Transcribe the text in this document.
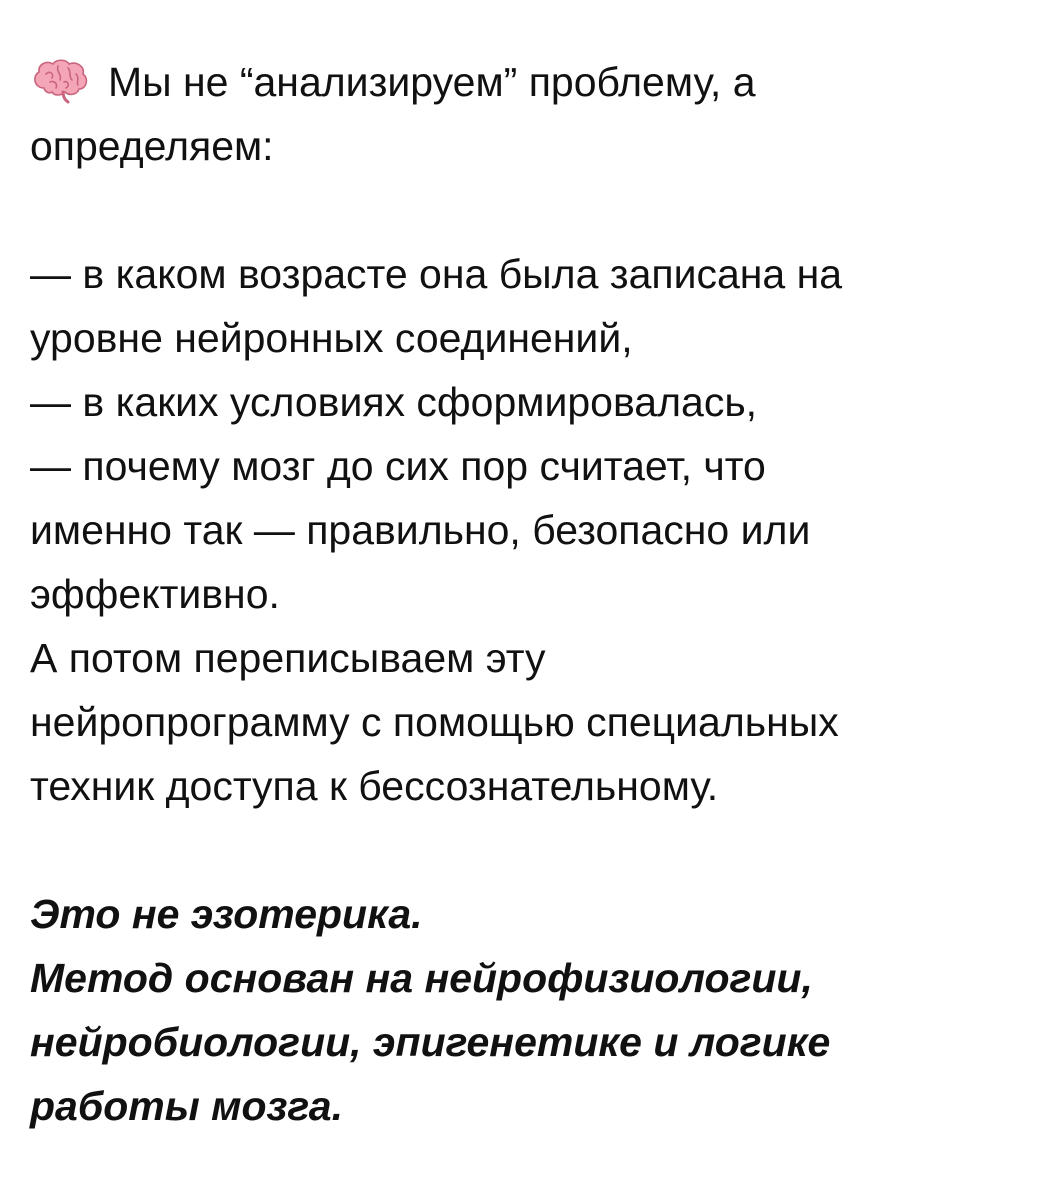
Мы не “анализируем” проблему, а
определяем:
— в каком возрасте она была записана на
уровне нейронных соединений,
— в каких условиях сформировалась,
— почему мозг до сих пор считает, что
именно так — правильно, безопасно или
эффективно.
А потом переписываем эту
нейропрограмму с помощью специальных
техник доступа к бессознательному.
Это не эзотерика.
Метод основан на нейрофизиологии,
нейробиологии, эпигенетике и логике
работы мозга.
